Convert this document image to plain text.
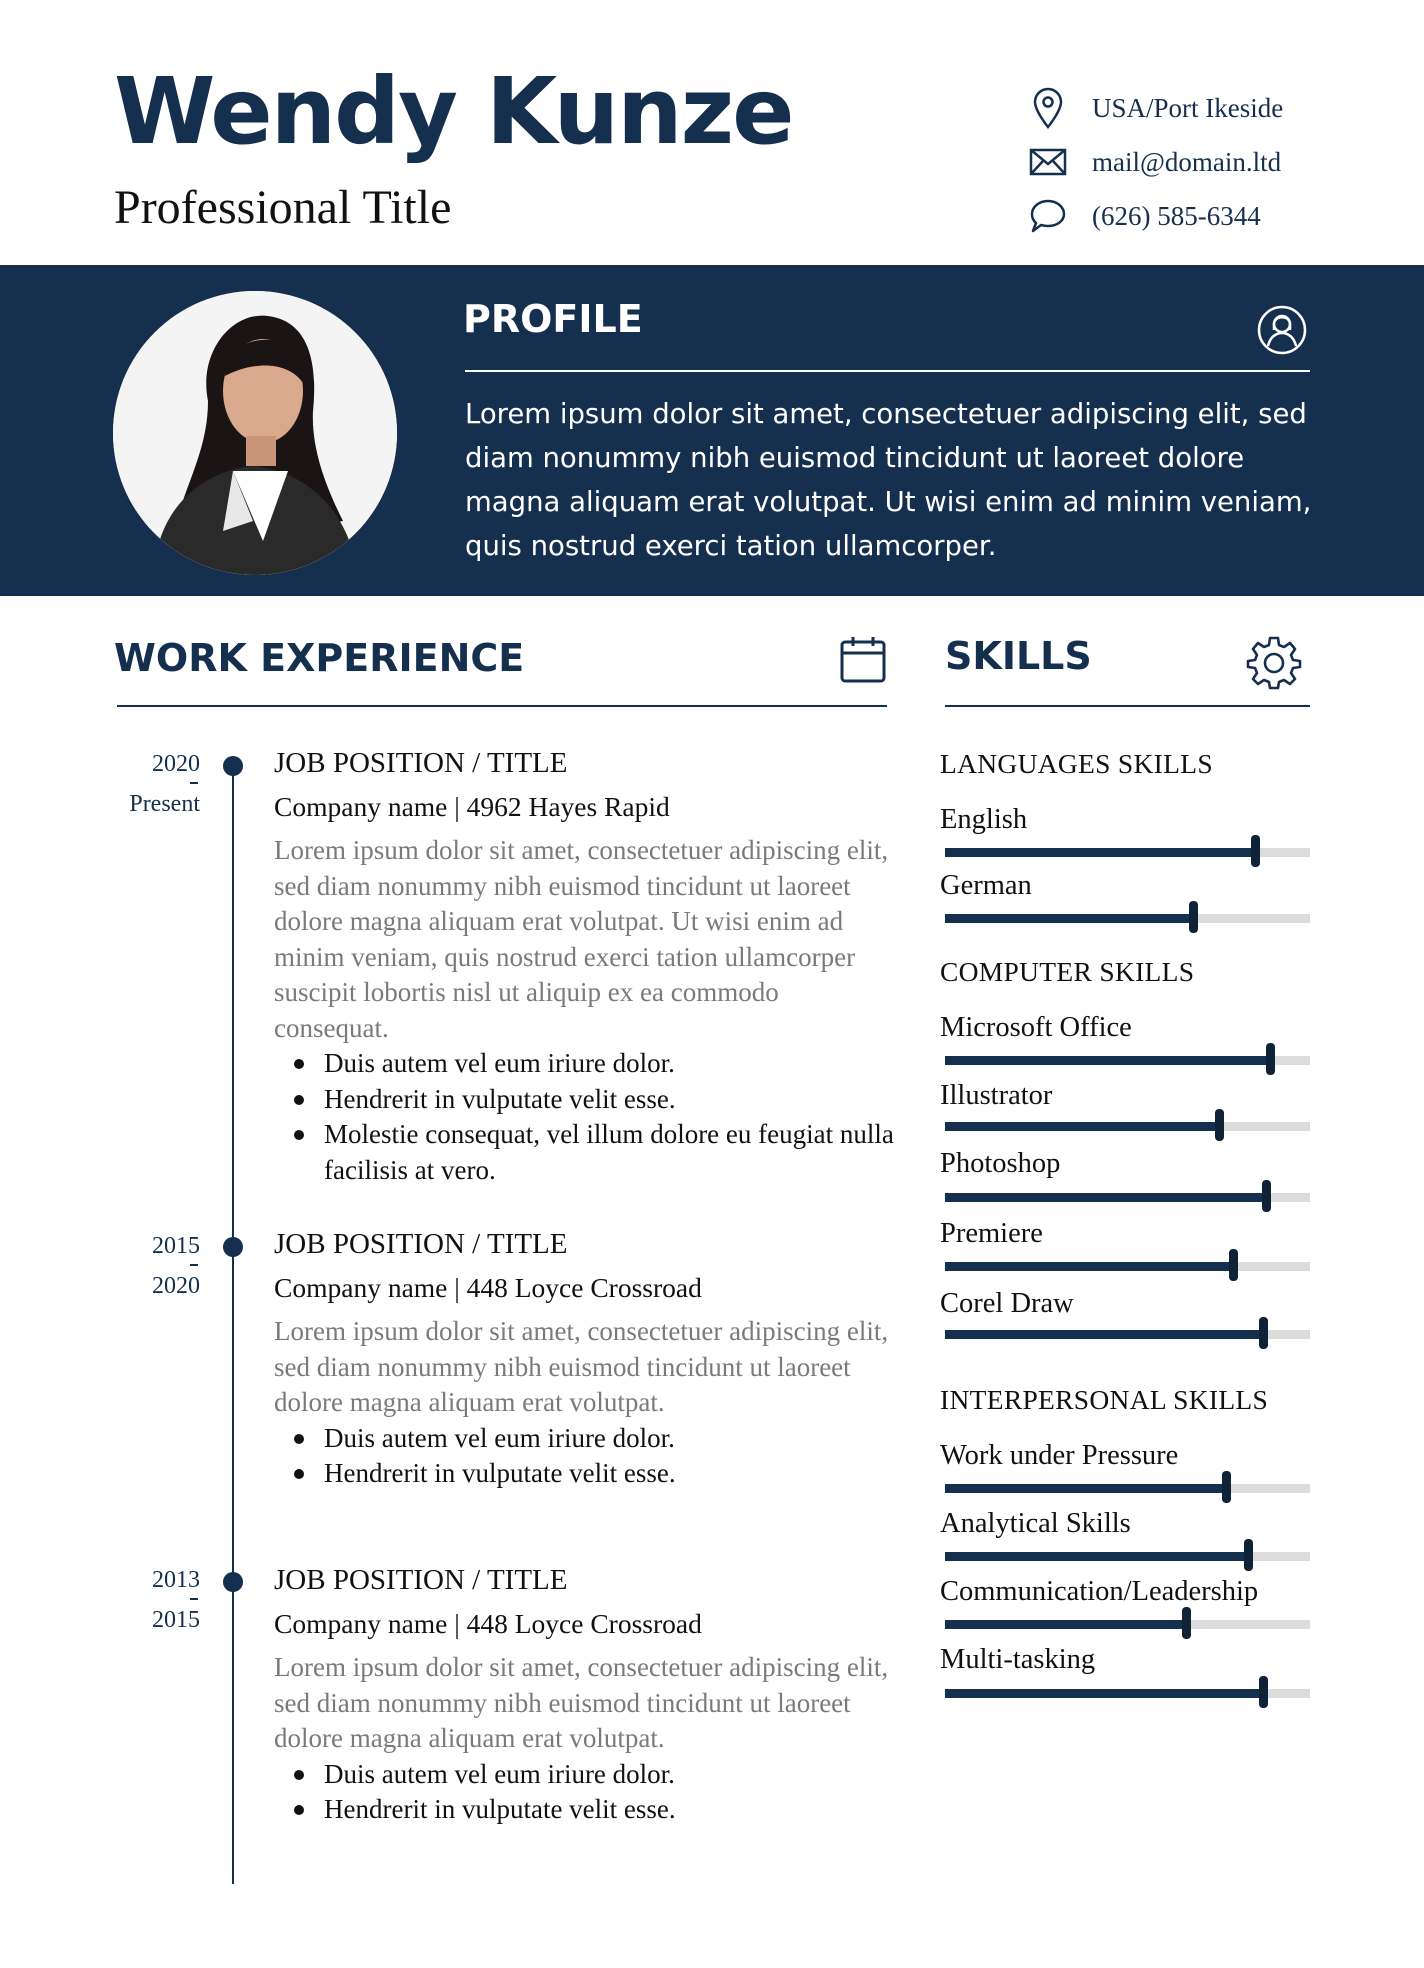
Wendy Kunze
Professional Title
USA/Port Ikeside
mail@domain.ltd
(626) 585-6344
PROFILE
Lorem ipsum dolor sit amet, consectetuer adipiscing elit, sed diam nonummy nibh euismod tincidunt ut laoreet dolore magna aliquam erat volutpat. Ut wisi enim ad minim veniam, quis nostrud exerci tation ullamcorper.
WORK EXPERIENCE
2020
Present
JOB POSITION / TITLE
Company name | 4962 Hayes Rapid
Lorem ipsum dolor sit amet, consectetuer adipiscing elit, sed diam nonummy nibh euismod tincidunt ut laoreet dolore magna aliquam erat volutpat. Ut wisi enim ad minim veniam, quis nostrud exerci tation ullamcorper suscipit lobortis nisl ut aliquip ex ea commodo consequat.
Duis autem vel eum iriure dolor.
Hendrerit in vulputate velit esse.
Molestie consequat, vel illum dolore eu feugiat nulla facilisis at vero.
2015
2020
JOB POSITION / TITLE
Company name | 448 Loyce Crossroad
Lorem ipsum dolor sit amet, consectetuer adipiscing elit, sed diam nonummy nibh euismod tincidunt ut laoreet dolore magna aliquam erat volutpat.
Duis autem vel eum iriure dolor.
Hendrerit in vulputate velit esse.
2013
2015
JOB POSITION / TITLE
Company name | 448 Loyce Crossroad
Lorem ipsum dolor sit amet, consectetuer adipiscing elit, sed diam nonummy nibh euismod tincidunt ut laoreet dolore magna aliquam erat volutpat.
Duis autem vel eum iriure dolor.
Hendrerit in vulputate velit esse.
SKILLS
LANGUAGES SKILLS
English
German
COMPUTER SKILLS
Microsoft Office
Illustrator
Photoshop
Premiere
Corel Draw
INTERPERSONAL SKILLS
Work under Pressure
Analytical Skills
Communication/Leadership
Multi-tasking
